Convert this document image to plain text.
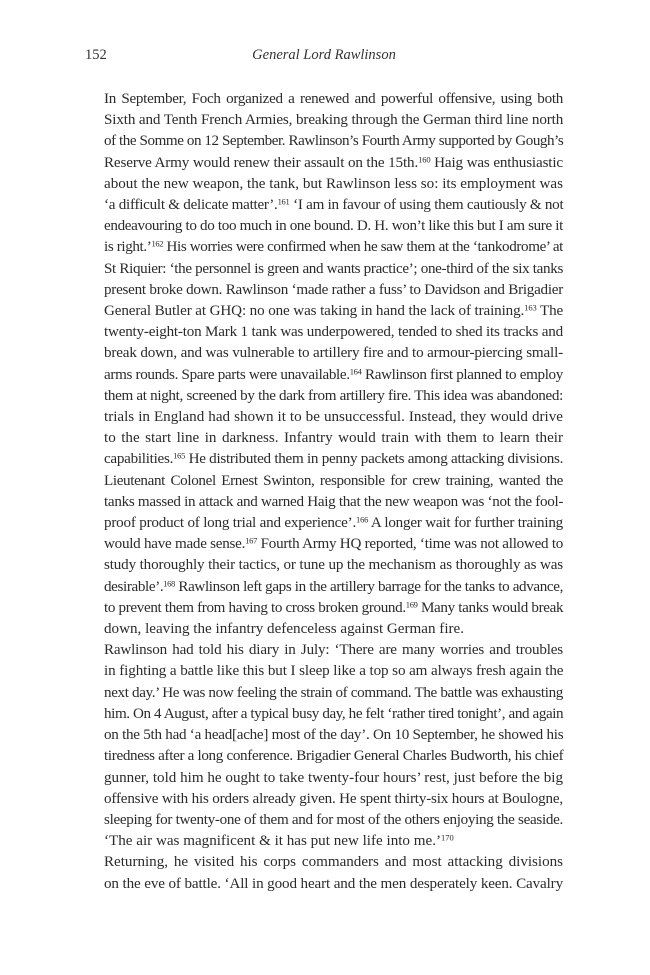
152	General Lord Rawlinson
In September, Foch organized a renewed and powerful offensive, using both
Sixth and Tenth French Armies, breaking through the German third line north
of the Somme on 12 September. Rawlinson’s Fourth Army supported by Gough’s
Reserve Army would renew their assault on the 15th.$^{160}$ Haig was enthusiastic
about the new weapon, the tank, but Rawlinson less so: its employment was
‘a difficult & delicate matter’.$^{161}$ ‘I am in favour of using them cautiously & not
endeavouring to do too much in one bound. D. H. won’t like this but I am sure it
is right.’$^{162}$ His worries were confirmed when he saw them at the ‘tankodrome’ at
St Riquier: ‘the personnel is green and wants practice’; one-third of the six tanks
present broke down. Rawlinson ‘made rather a fuss’ to Davidson and Brigadier
General Butler at GHQ: no one was taking in hand the lack of training.$^{163}$ The
twenty-eight-ton Mark 1 tank was underpowered, tended to shed its tracks and
break down, and was vulnerable to artillery fire and to armour-piercing small-
arms rounds. Spare parts were unavailable.$^{164}$ Rawlinson first planned to employ
them at night, screened by the dark from artillery fire. This idea was abandoned:
trials in England had shown it to be unsuccessful. Instead, they would drive
to the start line in darkness. Infantry would train with them to learn their
capabilities.$^{165}$ He distributed them in penny packets among attacking divisions.
Lieutenant Colonel Ernest Swinton, responsible for crew training, wanted the
tanks massed in attack and warned Haig that the new weapon was ‘not the fool-
proof product of long trial and experience’.$^{166}$ A longer wait for further training
would have made sense.$^{167}$ Fourth Army HQ reported, ‘time was not allowed to
study thoroughly their tactics, or tune up the mechanism as thoroughly as was
desirable’.$^{168}$ Rawlinson left gaps in the artillery barrage for the tanks to advance,
to prevent them from having to cross broken ground.$^{169}$ Many tanks would break
down, leaving the infantry defenceless against German fire.
Rawlinson had told his diary in July: ‘There are many worries and troubles
in fighting a battle like this but I sleep like a top so am always fresh again the
next day.’ He was now feeling the strain of command. The battle was exhausting
him. On 4 August, after a typical busy day, he felt ‘rather tired tonight’, and again
on the 5th had ‘a head[ache] most of the day’. On 10 September, he showed his
tiredness after a long conference. Brigadier General Charles Budworth, his chief
gunner, told him he ought to take twenty-four hours’ rest, just before the big
offensive with his orders already given. He spent thirty-six hours at Boulogne,
sleeping for twenty-one of them and for most of the others enjoying the seaside.
‘The air was magnificent & it has put new life into me.’$^{170}$
Returning, he visited his corps commanders and most attacking divisions
on the eve of battle. ‘All in good heart and the men desperately keen. Cavalry
